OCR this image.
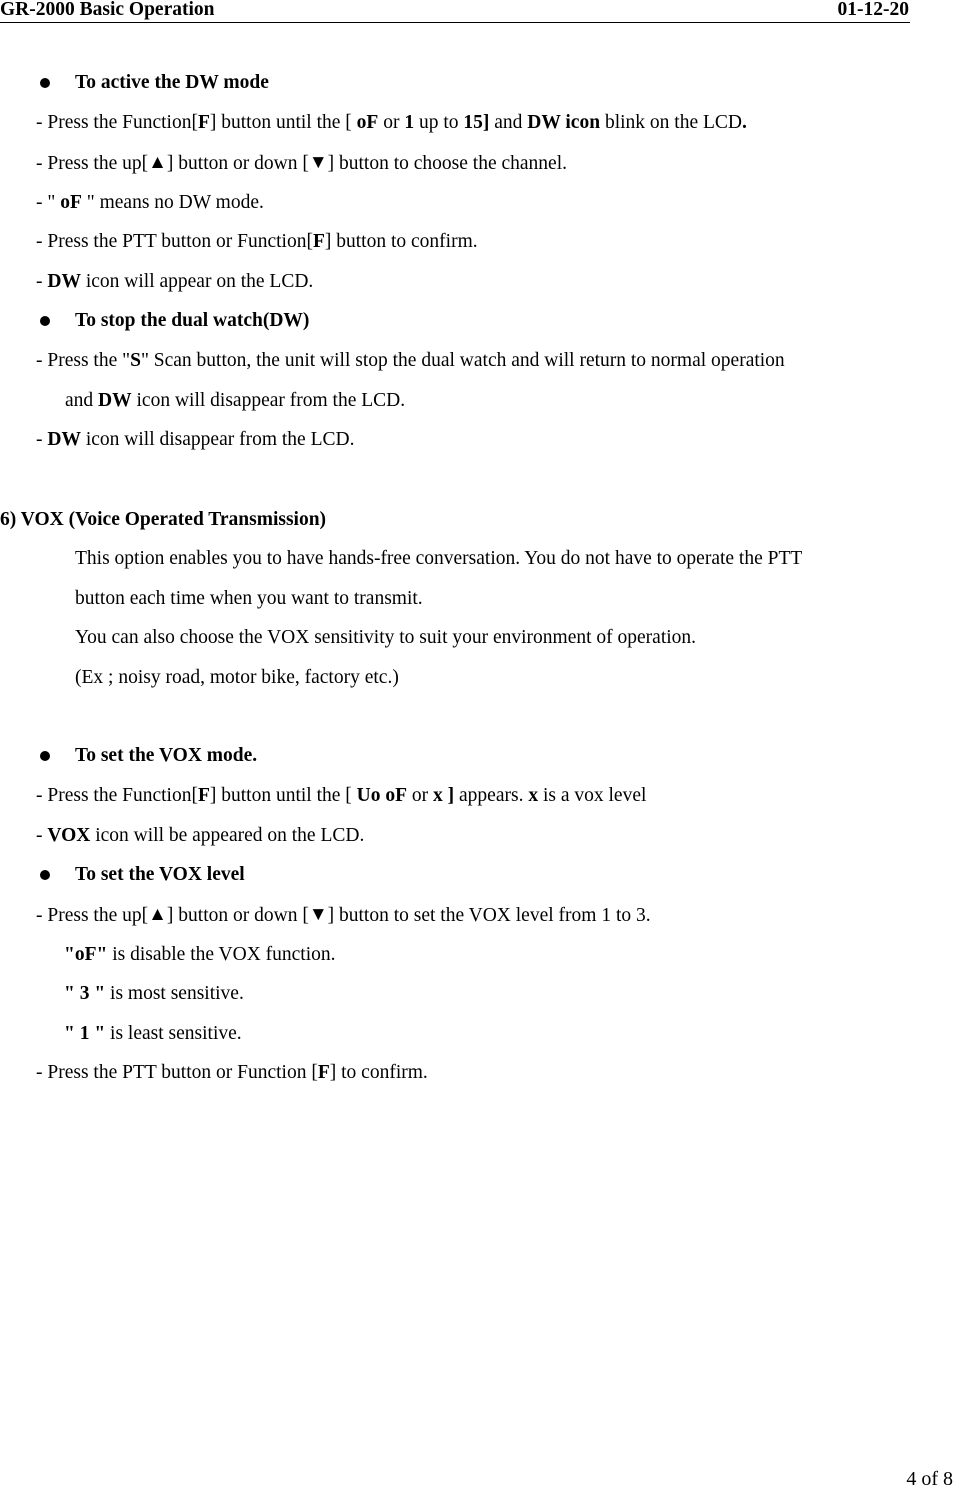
GR-2000 Basic Operation	01-12-20
To active the DW mode
- Press the Function[F] button until the [ oF or 1 up to 15] and DW icon blink on the LCD.
- Press the up[▲] button or down [▼] button to choose the channel.
- " oF " means no DW mode.
- Press the PTT button or Function[F] button to confirm.
- DW icon will appear on the LCD.
To stop the dual watch(DW)
- Press the "S" Scan button, the unit will stop the dual watch and will return to normal operation
and DW icon will disappear from the LCD.
- DW icon will disappear from the LCD.
6) VOX (Voice Operated Transmission)
This option enables you to have hands-free conversation. You do not have to operate the PTT
button each time when you want to transmit.
You can also choose the VOX sensitivity to suit your environment of operation.
(Ex ; noisy road, motor bike, factory etc.)
To set the VOX mode.
- Press the Function[F] button until the [ Uo oF or x ] appears. x is a vox level
- VOX icon will be appeared on the LCD.
To set the VOX level
- Press the up[▲] button or down [▼] button to set the VOX level from 1 to 3.
"oF" is disable the VOX function.
" 3 " is most sensitive.
" 1 " is least sensitive.
- Press the PTT button or Function [F] to confirm.
4 of 8
